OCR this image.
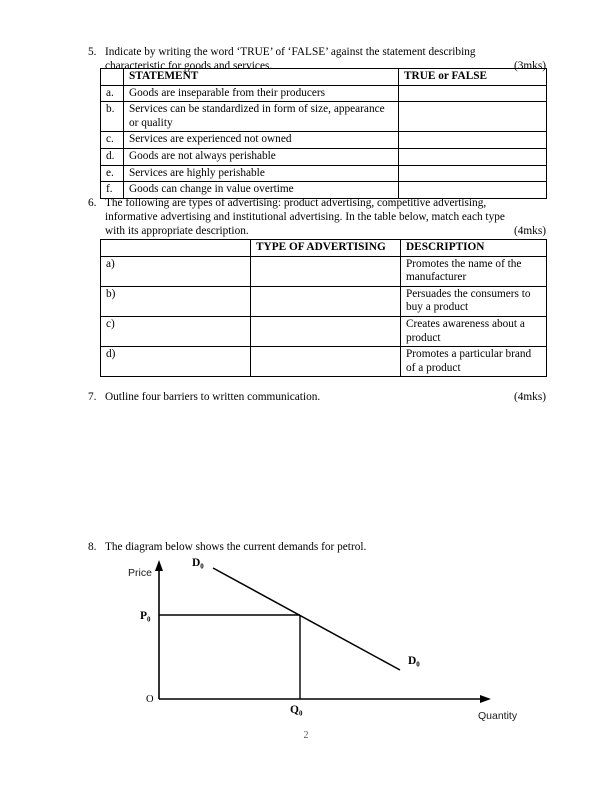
5. Indicate by writing the word ‘TRUE’ of ‘FALSE’ against the statement describing
(3mks)
characteristic for goods and services.
	STATEMENT	TRUE or FALSE
a.	Goods are inseparable from their producers	
b.	Services can be standardized in form of size, appearance or quality	
c.	Services are experienced not owned	
d.	Goods are not always perishable	
e.	Services are highly perishable	
f.	Goods can change in value overtime	
6. The following are types of advertising: product advertising, competitive advertising,
informative advertising and institutional advertising. In the table below, match each type
(4mks)
with its appropriate description.
	TYPE OF ADVERTISING	DESCRIPTION
a)		Promotes the name of the manufacturer
b)		Persuades the consumers to buy a product
c)		Creates awareness about a product
d)		Promotes a particular brand of a product
7.	(4mks)
Outline four barriers to written communication.
8. The diagram below shows the current demands for petrol.
Price
Quantity
O
P₀
Q₀
D₀
D₀
2
